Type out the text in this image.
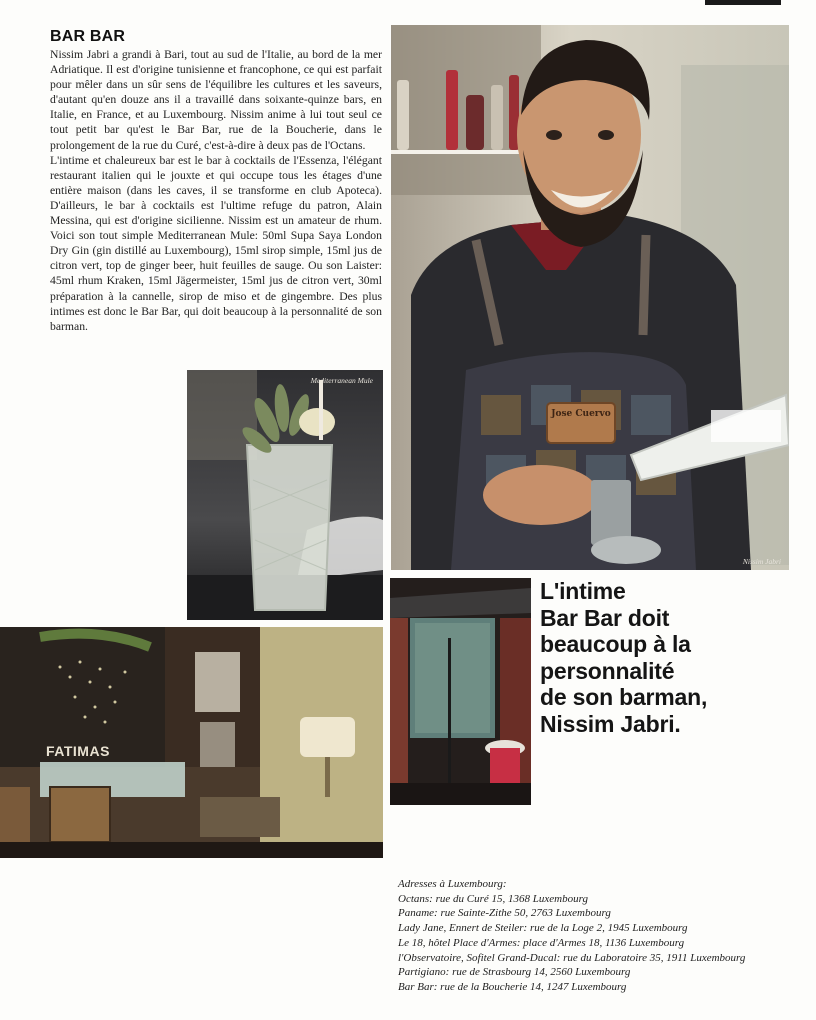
BAR BAR

Nissim Jabri a grandi à Bari, tout au sud de l'Italie, au bord de la mer Adriatique. Il est d'origine tunisienne et francophone, ce qui est parfait pour mêler dans un sûr sens de l'équilibre les cultures et les saveurs, d'autant qu'en douze ans il a travaillé dans soixante-quinze bars, en Italie, en France, et au Luxembourg. Nissim anime à lui tout seul ce tout petit bar qu'est le Bar Bar, rue de la Boucherie, dans le prolongement de la rue du Curé, c'est-à-dire à deux pas de l'Octans.

L'intime et chaleureux bar est le bar à cocktails de l'Essenza, l'élégant restaurant italien qui le jouxte et qui occupe tous les étages d'une entière maison (dans les caves, il se transforme en club Apoteca). D'ailleurs, le bar à cocktails est l'ultime refuge du patron, Alain Messina, qui est d'origine sicilienne. Nissim est un amateur de rhum. Voici son tout simple Mediterranean Mule: 50ml Supa Saya London Dry Gin (gin distillé au Luxembourg), 15ml sirop simple, 15ml jus de citron vert, top de ginger beer, huit feuilles de sauge. Ou son Laister: 45ml rhum Kraken, 15ml Jägermeister, 15ml jus de citron vert, 30ml préparation à la cannelle, sirop de miso et de gingembre. Des plus intimes est donc le Bar Bar, qui doit beaucoup à la personnalité de son barman.

Nissim Jabri
Jose Cuervo
Mediterranean Mule
FATIMAS
L'intime
Bar Bar doit
beaucoup à la
personnalité
de son barman,
Nissim Jabri.
Adresses à Luxembourg:
Octans: rue du Curé 15, 1368 Luxembourg
Paname: rue Sainte-Zithe 50, 2763 Luxembourg
Lady Jane, Ennert de Steiler: rue de la Loge 2, 1945 Luxembourg
Le 18, hôtel Place d'Armes: place d'Armes 18, 1136 Luxembourg
l'Observatoire, Sofitel Grand-Ducal: rue du Laboratoire 35, 1911 Luxembourg
Partigiano: rue de Strasbourg 14, 2560 Luxembourg
Bar Bar: rue de la Boucherie 14, 1247 Luxembourg
